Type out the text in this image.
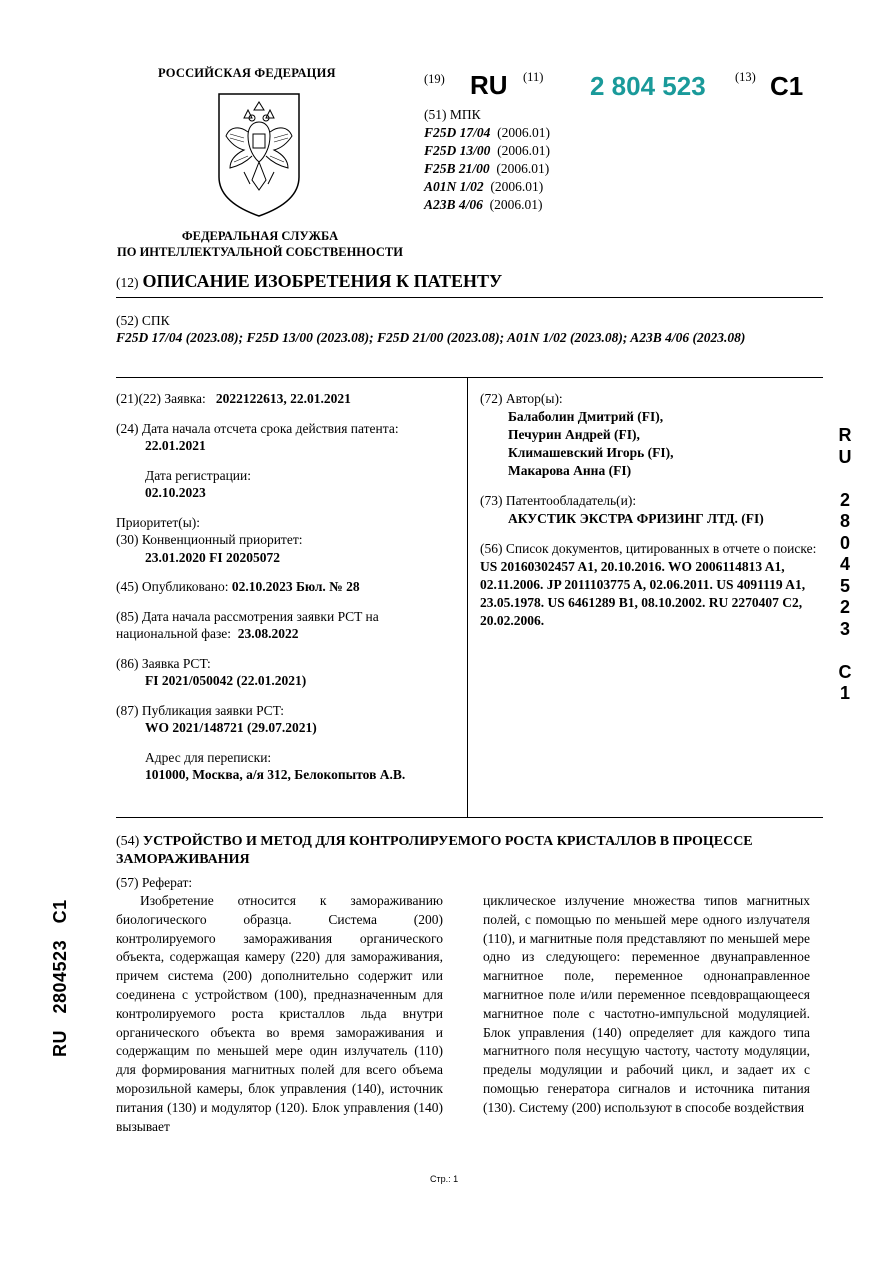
РОССИЙСКАЯ ФЕДЕРАЦИЯ
ФЕДЕРАЛЬНАЯ СЛУЖБА
ПО ИНТЕЛЛЕКТУАЛЬНОЙ СОБСТВЕННОСТИ
(19) RU (11) 2 804 523 (13) C1
(51) МПК
F25D 17/04 (2006.01)
F25D 13/00 (2006.01)
F25B 21/00 (2006.01)
A01N 1/02 (2006.01)
A23B 4/06 (2006.01)
(12) ОПИСАНИЕ ИЗОБРЕТЕНИЯ К ПАТЕНТУ
(52) СПК
F25D 17/04 (2023.08); F25D 13/00 (2023.08); F25D 21/00 (2023.08); A01N 1/02 (2023.08); A23B 4/06 (2023.08)
(21)(22) Заявка: 2022122613, 22.01.2021
(24) Дата начала отсчета срока действия патента:
22.01.2021
Дата регистрации:
02.10.2023
Приоритет(ы):
(30) Конвенционный приоритет:
23.01.2020 FI 20205072
(45) Опубликовано: 02.10.2023 Бюл. № 28
(85) Дата начала рассмотрения заявки PCT на национальной фазе: 23.08.2022
(86) Заявка PCT:
FI 2021/050042 (22.01.2021)
(87) Публикация заявки PCT:
WO 2021/148721 (29.07.2021)
Адрес для переписки:
101000, Москва, а/я 312, Белокопытов А.В.
(72) Автор(ы):
Балаболин Дмитрий (FI),
Печурин Андрей (FI),
Климашевский Игорь (FI),
Макарова Анна (FI)
(73) Патентообладатель(и):
АКУСТИК ЭКСТРА ФРИЗИНГ ЛТД. (FI)
(56) Список документов, цитированных в отчете о поиске:  US 20160302457 A1, 20.10.2016. WO 2006114813 A1, 02.11.2006. JP 2011103775 A, 02.06.2011. US 4091119 A1, 23.05.1978. US 6461289 B1, 08.10.2002. RU 2270407 C2, 20.02.2006.
R
U

2
8
0
4
5
2
3

C
1
RU   2804523   C1
(54) УСТРОЙСТВО И МЕТОД ДЛЯ КОНТРОЛИРУЕМОГО РОСТА КРИСТАЛЛОВ В ПРОЦЕССЕ ЗАМОРАЖИВАНИЯ
(57) Реферат:

Изобретение относится к замораживанию биологического образца. Система (200) контролируемого замораживания органического объекта, содержащая камеру (220) для замораживания, причем система (200) дополнительно содержит или соединена с устройством (100), предназначенным для контролируемого роста кристаллов льда внутри органического объекта во время замораживания и содержащим по меньшей мере один излучатель (110) для формирования магнитных полей для всего объема морозильной камеры, блок управления (140), источник питания (130) и модулятор (120). Блок управления (140) вызывает

циклическое излучение множества типов магнитных полей, с помощью по меньшей мере одного излучателя (110), и магнитные поля представляют по меньшей мере одно из следующего: переменное двунаправленное магнитное поле, переменное однонаправленное магнитное поле и/или переменное псевдовращающееся магнитное поле с частотно-импульсной модуляцией. Блок управления (140) определяет для каждого типа магнитного поля несущую частоту, частоту модуляции, пределы модуляции и рабочий цикл, и задает их с помощью генератора сигналов и источника питания (130). Систему (200) используют в способе воздействия

Стр.: 1
